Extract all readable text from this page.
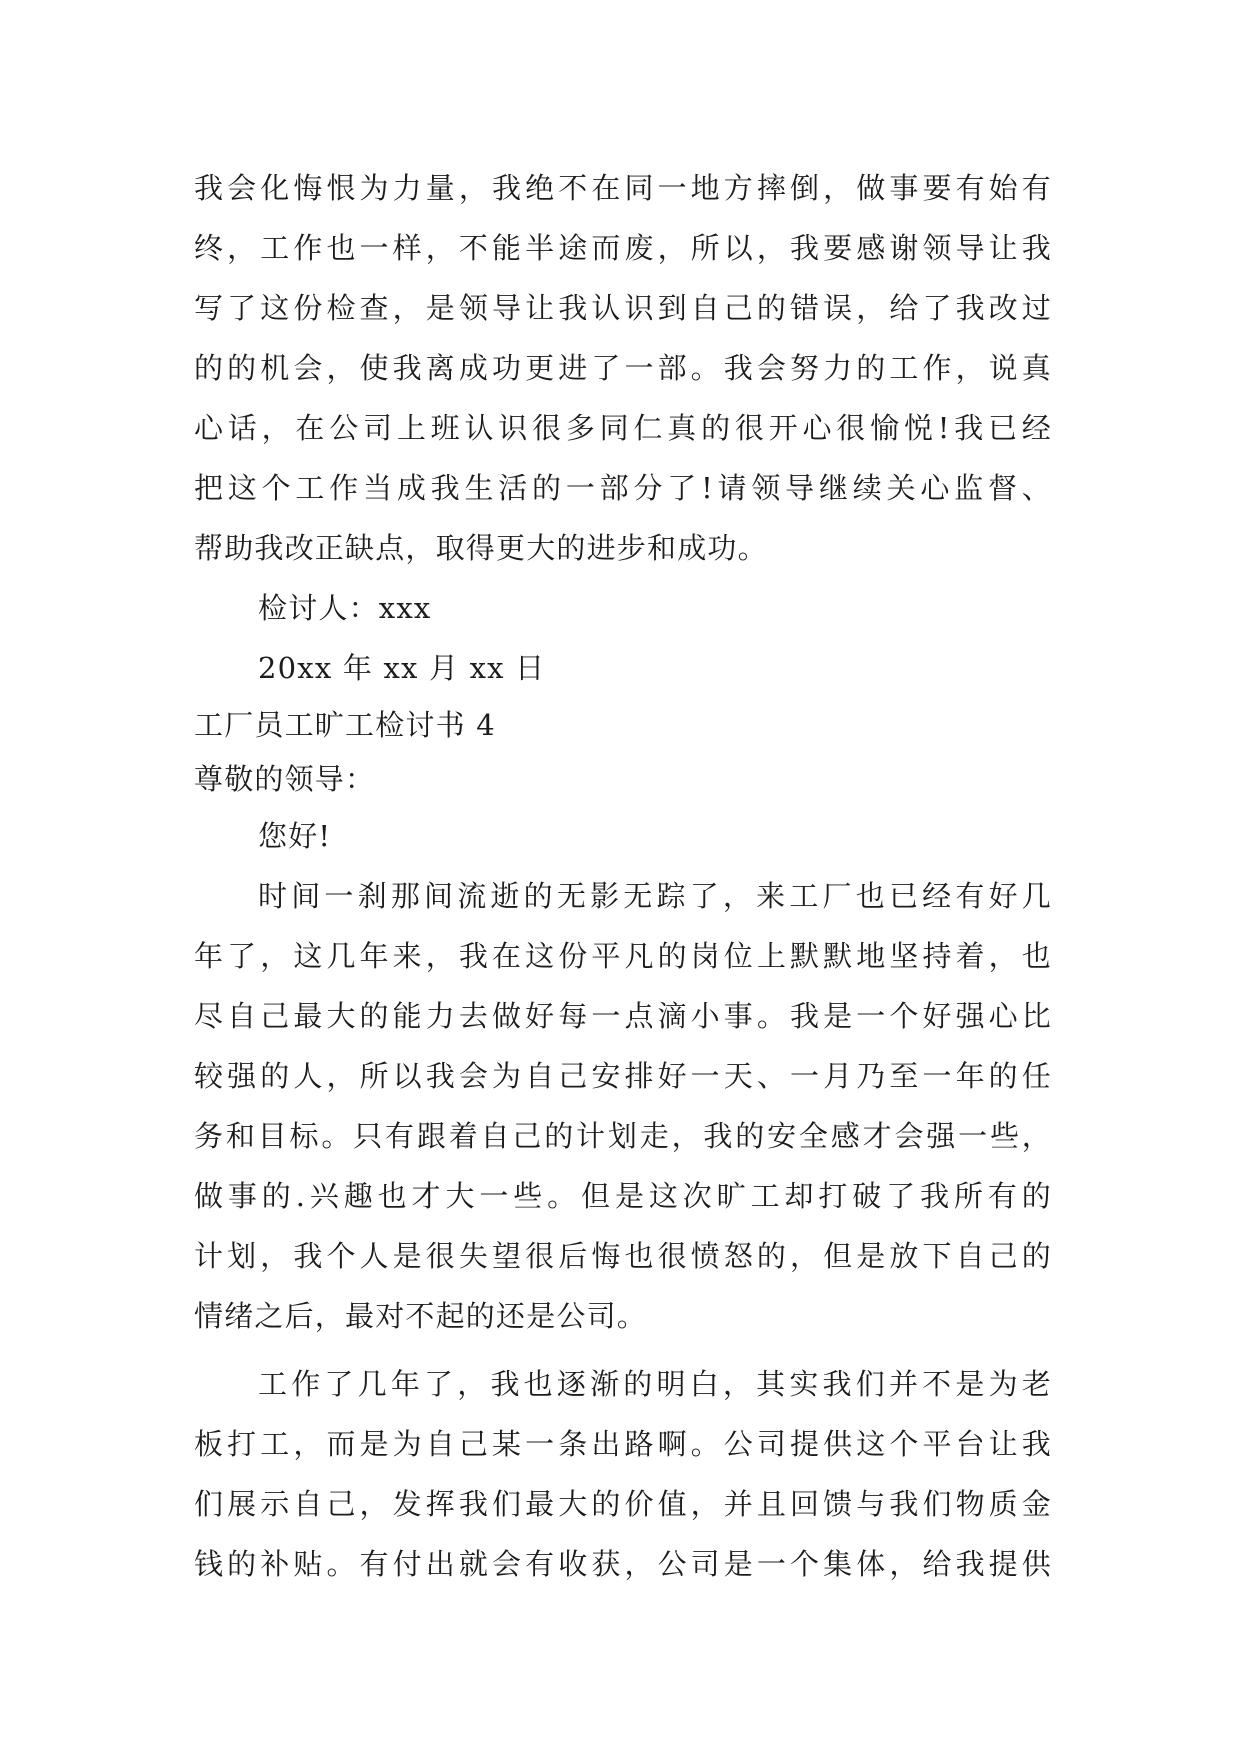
我会化悔恨为力量，我绝不在同一地方摔倒，做事要有始有
终，工作也一样，不能半途而废，所以，我要感谢领导让我
写了这份检查，是领导让我认识到自己的错误，给了我改过
的的机会，使我离成功更进了一部。我会努力的工作，说真
心话，在公司上班认识很多同仁真的很开心很愉悦!我已经
把这个工作当成我生活的一部分了!请领导继续关心监督、
帮助我改正缺点，取得更大的进步和成功。
检讨人：xxx
20xx 年 xx 月 xx 日
工厂员工旷工检讨书 4
尊敬的领导：
您好!
时间一刹那间流逝的无影无踪了，来工厂也已经有好几
年了，这几年来，我在这份平凡的岗位上默默地坚持着，也
尽自己最大的能力去做好每一点滴小事。我是一个好强心比
较强的人，所以我会为自己安排好一天、一月乃至一年的任
务和目标。只有跟着自己的计划走，我的安全感才会强一些，
做事的.兴趣也才大一些。但是这次旷工却打破了我所有的
计划，我个人是很失望很后悔也很愤怒的，但是放下自己的
情绪之后，最对不起的还是公司。
工作了几年了，我也逐渐的明白，其实我们并不是为老
板打工，而是为自己某一条出路啊。公司提供这个平台让我
们展示自己，发挥我们最大的价值，并且回馈与我们物质金
钱的补贴。有付出就会有收获，公司是一个集体，给我提供
